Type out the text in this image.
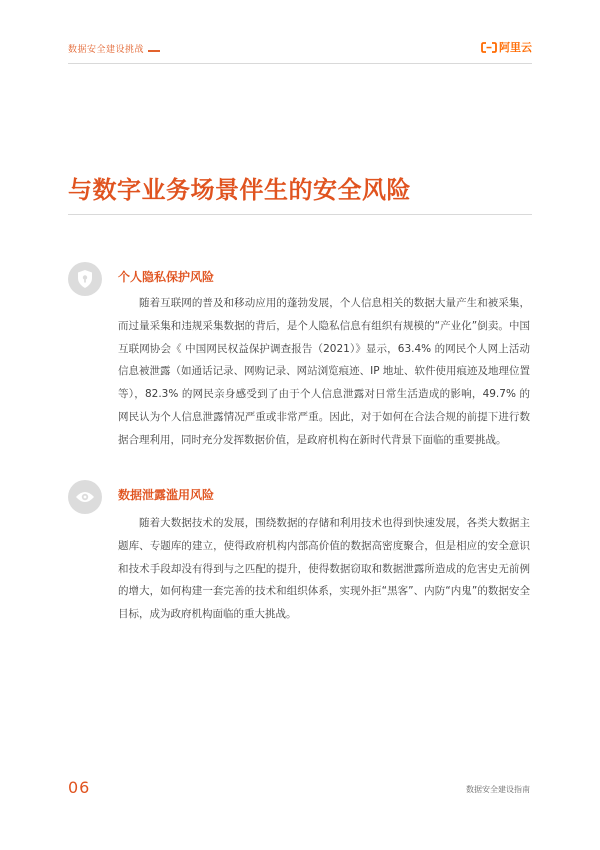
数据安全建设挑战	阿里云
与数字业务场景伴生的安全风险
个人隐私保护风险

随着互联网的普及和移动应用的蓬勃发展，个人信息相关的数据大量产生和被采集，而过量采集和违规采集数据的背后，是个人隐私信息有组织有规模的“产业化”倒卖。中国互联网协会《 中国网民权益保护调查报告（2021）》显示，63.4% 的网民个人网上活动信息被泄露（如通话记录、网购记录、网站浏览痕迹、IP 地址、软件使用痕迹及地理位置等），82.3% 的网民亲身感受到了由于个人信息泄露对日常生活造成的影响，49.7% 的网民认为个人信息泄露情况严重或非常严重。因此，对于如何在合法合规的前提下进行数据合理利用，同时充分发挥数据价值，是政府机构在新时代背景下面临的重要挑战。

数据泄露滥用风险

随着大数据技术的发展，围绕数据的存储和利用技术也得到快速发展，各类大数据主题库、专题库的建立，使得政府机构内部高价值的数据高密度聚合，但是相应的安全意识和技术手段却没有得到与之匹配的提升，使得数据窃取和数据泄露所造成的危害史无前例的增大，如何构建一套完善的技术和组织体系，实现外拒“黑客”、内防“内鬼”的数据安全目标，成为政府机构面临的重大挑战。

06	数据安全建设指南
